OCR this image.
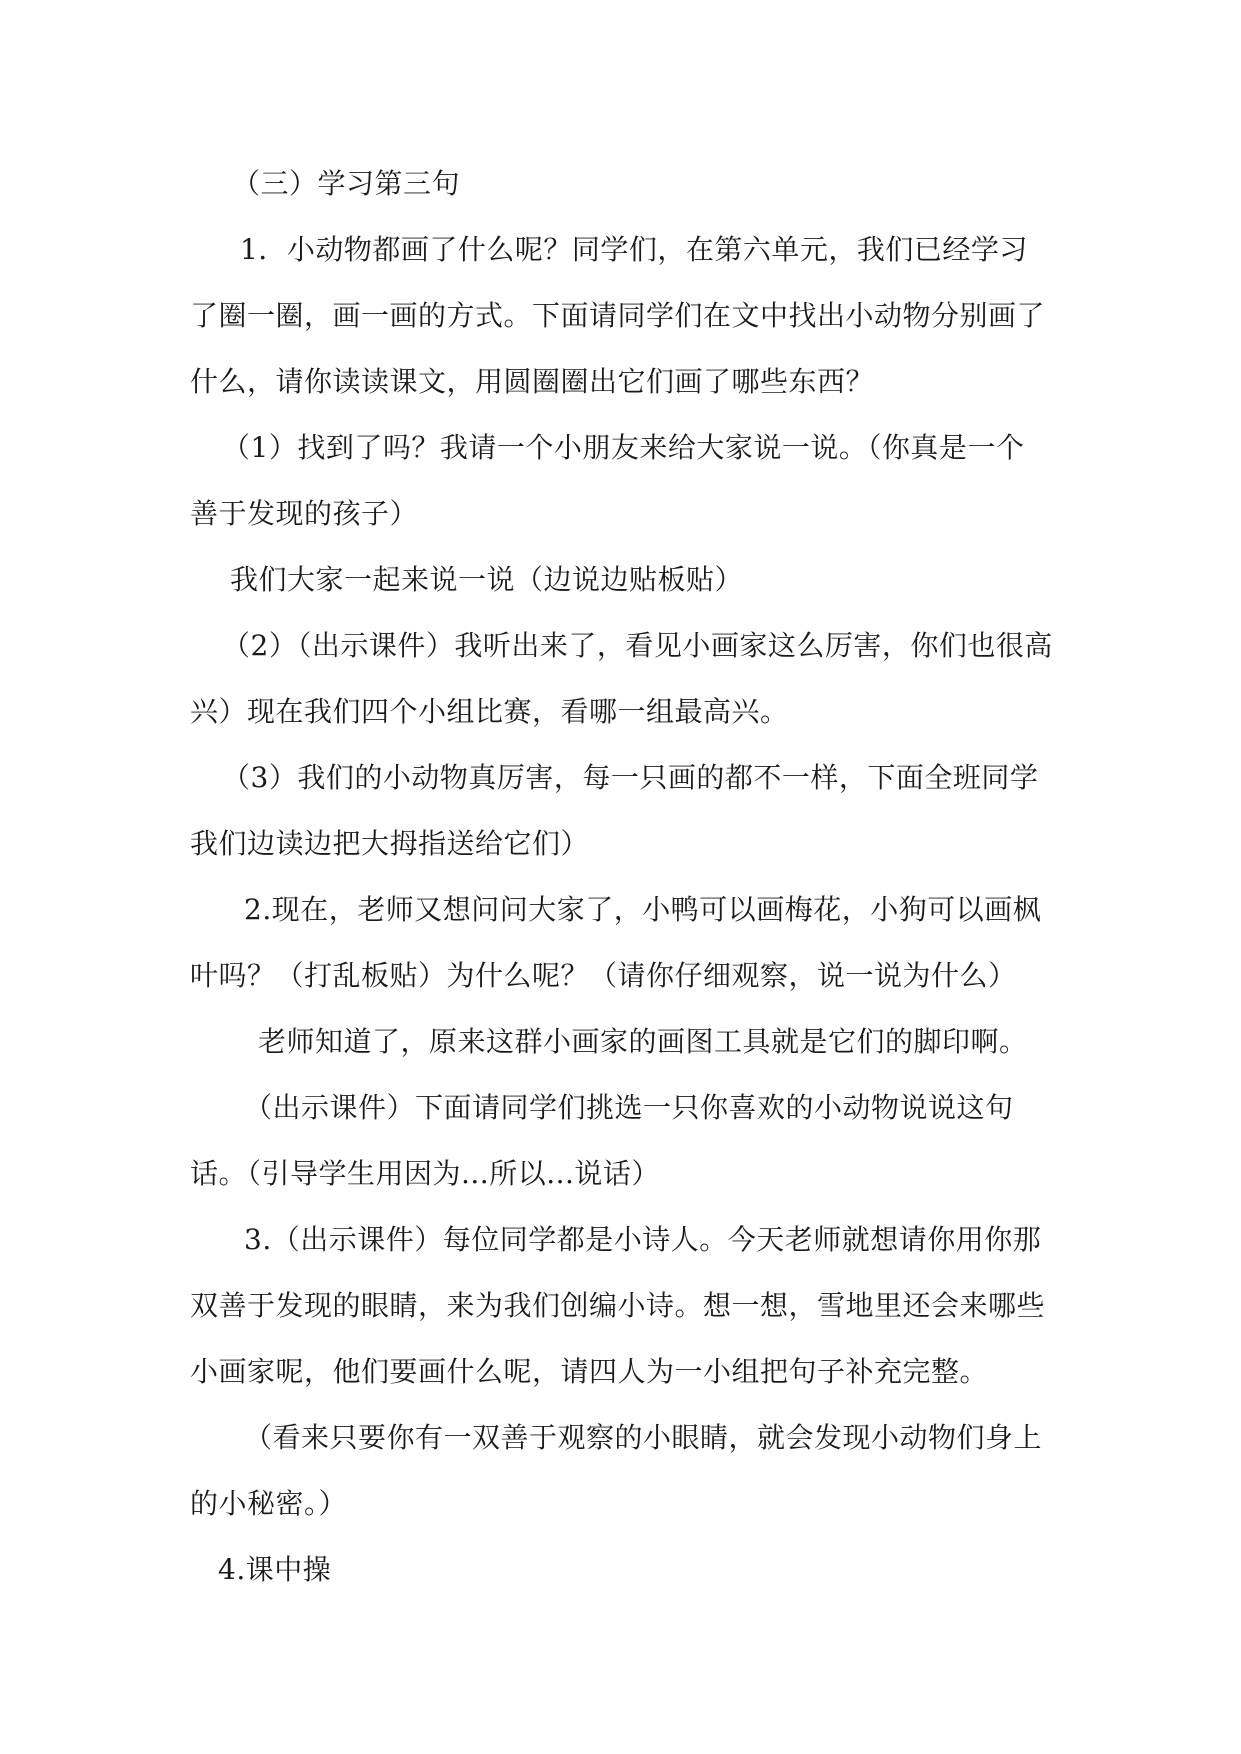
（三）学习第三句
1．小动物都画了什么呢？同学们，在第六单元，我们已经学习
了圈一圈，画一画的方式。下面请同学们在文中找出小动物分别画了
什么，请你读读课文，用圆圈圈出它们画了哪些东西？
（1）找到了吗？我请一个小朋友来给大家说一说。（你真是一个
善于发现的孩子）
我们大家一起来说一说（边说边贴板贴）
（2）（出示课件）我听出来了，看见小画家这么厉害，你们也很高
兴）现在我们四个小组比赛，看哪一组最高兴。
（3）我们的小动物真厉害，每一只画的都不一样，下面全班同学
我们边读边把大拇指送给它们）
2.现在，老师又想问问大家了，小鸭可以画梅花，小狗可以画枫
叶吗？（打乱板贴）为什么呢？（请你仔细观察，说一说为什么）
老师知道了，原来这群小画家的画图工具就是它们的脚印啊。
（出示课件）下面请同学们挑选一只你喜欢的小动物说说这句
话。（引导学生用因为...所以...说话）
3.（出示课件）每位同学都是小诗人。今天老师就想请你用你那
双善于发现的眼睛，来为我们创编小诗。想一想，雪地里还会来哪些
小画家呢，他们要画什么呢，请四人为一小组把句子补充完整。
（看来只要你有一双善于观察的小眼睛，就会发现小动物们身上
的小秘密。）
4.课中操
